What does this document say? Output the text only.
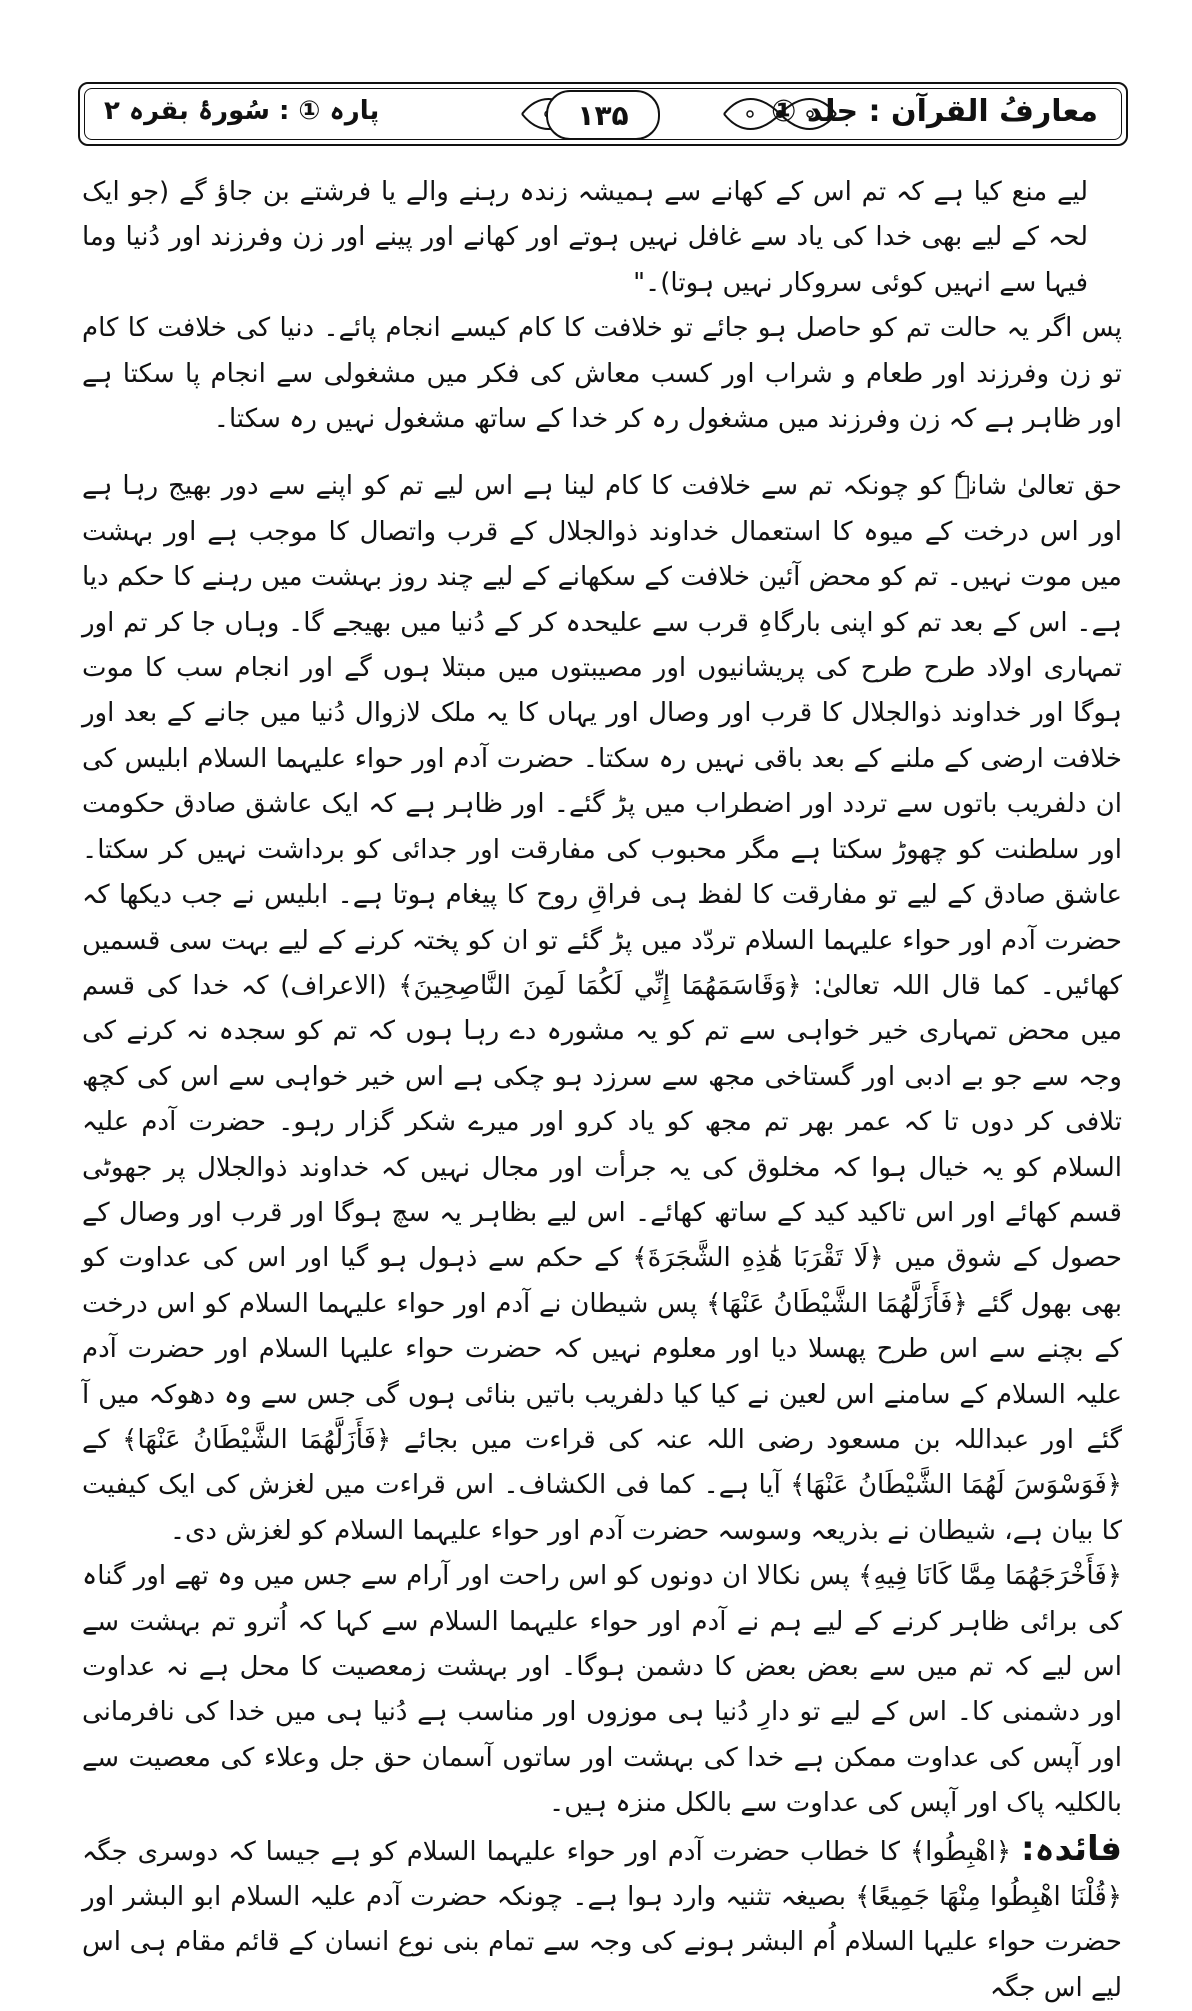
۱۳۵	معارفُ القرآن : جلد ①
پارہ ① : سُورۂ بقرہ ۲

لیے منع کیا ہے کہ تم اس کے کھانے سے ہمیشہ زندہ رہنے والے یا فرشتے بن جاؤ گے (جو ایک لحہ کے لیے بھی خدا کی یاد سے غافل نہیں ہوتے اور کھانے اور پینے اور زن وفرزند اور دُنیا وما فیہا سے انہیں کوئی سروکار نہیں ہوتا)۔"

پس اگر یہ حالت تم کو حاصل ہو جائے تو خلافت کا کام کیسے انجام پائے۔ دنیا کی خلافت کا کام تو زن وفرزند اور طعام و شراب اور کسب معاش کی فکر میں مشغولی سے انجام پا سکتا ہے اور ظاہر ہے کہ زن وفرزند میں مشغول رہ کر خدا کے ساتھ مشغول نہیں رہ سکتا۔

حق تعالیٰ شانہٗ کو چونکہ تم سے خلافت کا کام لینا ہے اس لیے تم کو اپنے سے دور بھیج رہا ہے اور اس درخت کے میوہ کا استعمال خداوند ذوالجلال کے قرب واتصال کا موجب ہے اور بہشت میں موت نہیں۔ تم کو محض آئین خلافت کے سکھانے کے لیے چند روز بہشت میں رہنے کا حکم دیا ہے۔ اس کے بعد تم کو اپنی بارگاہِ قرب سے علیحدہ کر کے دُنیا میں بھیجے گا۔ وہاں جا کر تم اور تمہاری اولاد طرح طرح کی پریشانیوں اور مصیبتوں میں مبتلا ہوں گے اور انجام سب کا موت ہوگا اور خداوند ذوالجلال کا قرب اور وصال اور یہاں کا یہ ملک لازوال دُنیا میں جانے کے بعد اور خلافت ارضی کے ملنے کے بعد باقی نہیں رہ سکتا۔ حضرت آدم اور حواء علیہما السلام ابلیس کی ان دلفریب باتوں سے تردد اور اضطراب میں پڑ گئے۔ اور ظاہر ہے کہ ایک عاشق صادق حکومت اور سلطنت کو چھوڑ سکتا ہے مگر محبوب کی مفارقت اور جدائی کو برداشت نہیں کر سکتا۔ عاشق صادق کے لیے تو مفارقت کا لفظ ہی فراقِ روح کا پیغام ہوتا ہے۔ ابلیس نے جب دیکھا کہ حضرت آدم اور حواء علیہما السلام تردّد میں پڑ گئے تو ان کو پختہ کرنے کے لیے بہت سی قسمیں کھائیں۔ کما قال اللہ تعالیٰ: ﴿وَقَاسَمَهُمَا إِنِّي لَكُمَا لَمِنَ النَّاصِحِينَ﴾ (الاعراف) کہ خدا کی قسم میں محض تمہاری خیر خواہی سے تم کو یہ مشورہ دے رہا ہوں کہ تم کو سجدہ نہ کرنے کی وجہ سے جو بے ادبی اور گستاخی مجھ سے سرزد ہو چکی ہے اس خیر خواہی سے اس کی کچھ تلافی کر دوں تا کہ عمر بھر تم مجھ کو یاد کرو اور میرے شکر گزار رہو۔ حضرت آدم علیہ السلام کو یہ خیال ہوا کہ مخلوق کی یہ جرأت اور مجال نہیں کہ خداوند ذوالجلال پر جھوٹی قسم کھائے اور اس تاکید کید کے ساتھ کھائے۔ اس لیے بظاہر یہ سچ ہوگا اور قرب اور وصال کے حصول کے شوق میں ﴿لَا تَقْرَبَا هَٰذِهِ الشَّجَرَةَ﴾ کے حکم سے ذہول ہو گیا اور اس کی عداوت کو بھی بھول گئے ﴿فَأَزَلَّهُمَا الشَّيْطَانُ عَنْهَا﴾ پس شیطان نے آدم اور حواء علیہما السلام کو اس درخت کے بچنے سے اس طرح پھسلا دیا اور معلوم نہیں کہ حضرت حواء علیہا السلام اور حضرت آدم علیہ السلام کے سامنے اس لعین نے کیا کیا دلفریب باتیں بنائی ہوں گی جس سے وہ دھوکہ میں آ گئے اور عبداللہ بن مسعود رضی اللہ عنہ کی قراءت میں بجائے ﴿فَأَزَلَّهُمَا الشَّيْطَانُ عَنْهَا﴾ کے ﴿فَوَسْوَسَ لَهُمَا الشَّيْطَانُ عَنْهَا﴾ آیا ہے۔ کما فی الکشاف۔ اس قراءت میں لغزش کی ایک کیفیت کا بیان ہے، شیطان نے بذریعہ وسوسہ حضرت آدم اور حواء علیہما السلام کو لغزش دی۔

﴿فَأَخْرَجَهُمَا مِمَّا كَانَا فِيهِ﴾ پس نکالا ان دونوں کو اس راحت اور آرام سے جس میں وہ تھے اور گناہ کی برائی ظاہر کرنے کے لیے ہم نے آدم اور حواء علیہما السلام سے کہا کہ اُترو تم بہشت سے اس لیے کہ تم میں سے بعض بعض کا دشمن ہوگا۔ اور بہشت زمعصیت کا محل ہے نہ عداوت اور دشمنی کا۔ اس کے لیے تو دارِ دُنیا ہی موزوں اور مناسب ہے دُنیا ہی میں خدا کی نافرمانی اور آپس کی عداوت ممکن ہے خدا کی بہشت اور ساتوں آسمان حق جل وعلاء کی معصیت سے بالکلیہ پاک اور آپس کی عداوت سے بالکل منزہ ہیں۔

فائدہ: ﴿اهْبِطُوا﴾ کا خطاب حضرت آدم اور حواء علیہما السلام کو ہے جیسا کہ دوسری جگہ ﴿قُلْنَا اهْبِطُوا مِنْهَا جَمِيعًا﴾ بصیغہ تثنیہ وارد ہوا ہے۔ چونکہ حضرت آدم علیہ السلام ابو البشر اور حضرت حواء علیہا السلام اُم البشر ہونے کی وجہ سے تمام بنی نوع انسان کے قائم مقام ہی اس لیے اس جگہ
